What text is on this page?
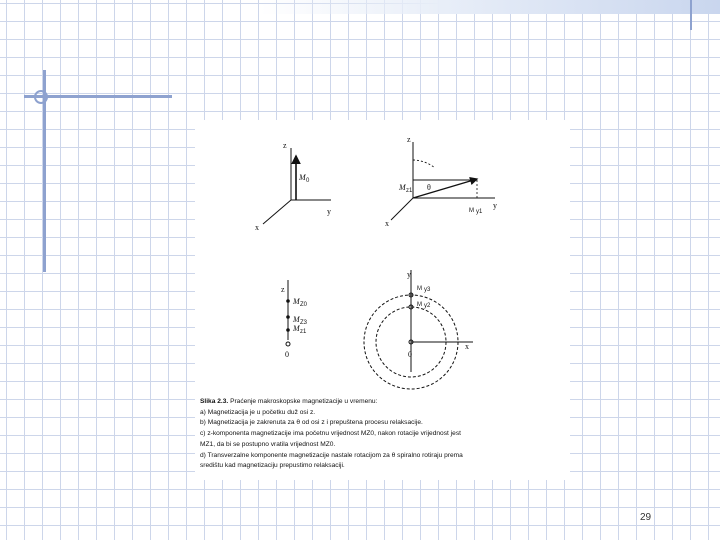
z
y
x
M 0
z
y
x
M z1 θ
M y1
z
M Z0
M Z3
M z1
0
y
x
M y3
M y2
0

Slika 2.3. Praćenje makroskopske magnetizacije u vremenu:

a) Magnetizacija je u početku duž osi z.

b) Magnetizacija je zakrenuta za θ od osi z i prepuštena procesu relaksacije.

c) z-komponenta magnetizacije ima početnu vrijednost MZ0, nakon rotacije vrijednost jest

MZ1, da bi se postupno vratila vrijednost MZ0.

d) Transverzalne komponente magnetizacije nastale rotacijom za θ spiralno rotiraju prema

središtu kad magnetizaciju prepustimo relaksaciji.

29
